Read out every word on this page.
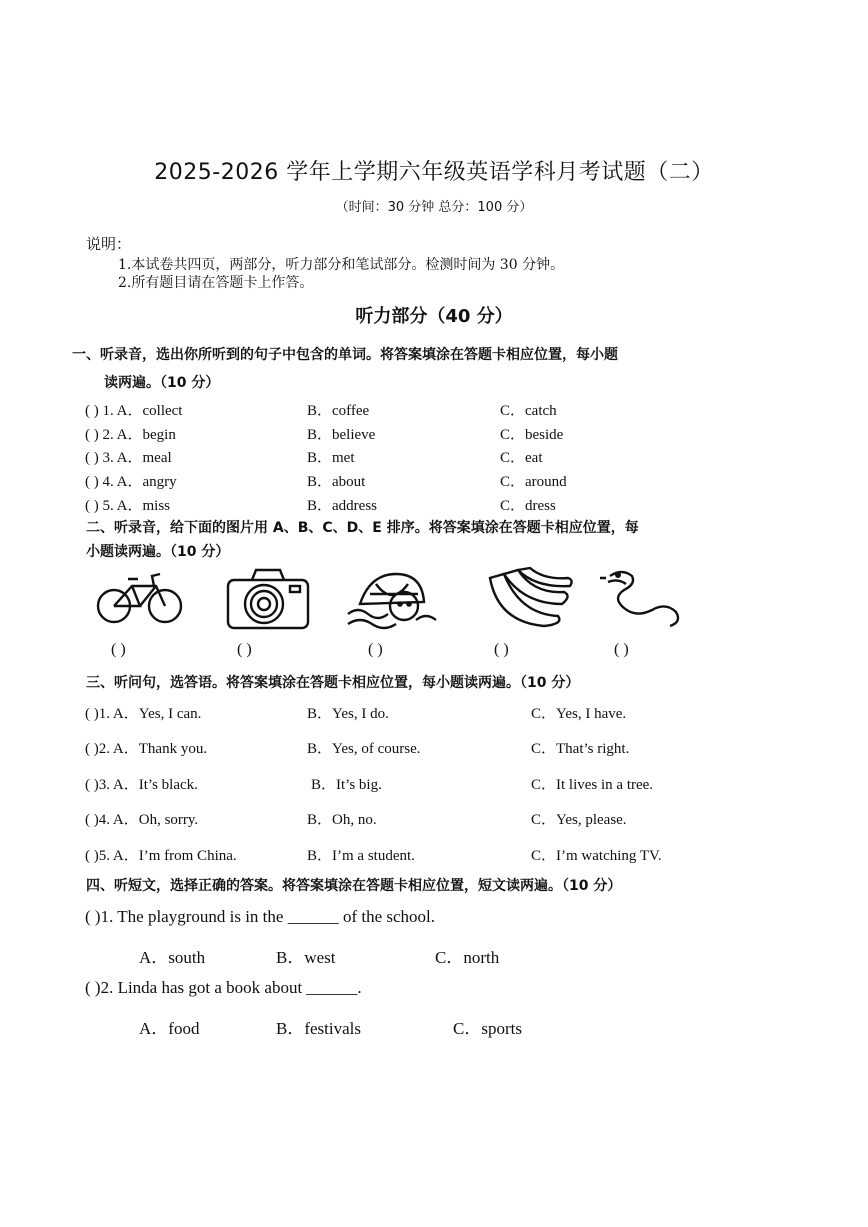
2025-2026 学年上学期六年级英语学科月考试题（二）
（时间：30 分钟 总分：100 分）
说明：
1.本试卷共四页，两部分，听力部分和笔试部分。检测时间为 30 分钟。
2.所有题目请在答题卡上作答。
听力部分（40 分）
一、听录音，选出你所听到的句子中包含的单词。将答案填涂在答题卡相应位置，每小题
读两遍。（10 分）
( ) 1. A．collect	B．coffee	C．catch
( ) 2. A．begin	B．believe	C．beside
( ) 3. A．meal	B．met	C．eat
( ) 4. A．angry	B．about	C．around
( ) 5. A．miss	B．address	C．dress
二、听录音，给下面的图片用 A、B、C、D、E 排序。将答案填涂在答题卡相应位置，每
小题读两遍。（10 分）
( )	( )	( )	( )	( )
三、听问句，选答语。将答案填涂在答题卡相应位置，每小题读两遍。（10 分）
( )1. A．Yes, I can.	B．Yes, I do.	C．Yes, I have.
( )2. A．Thank you.	B．Yes, of course.	C．That’s right.
( )3. A．It’s black.	B．It’s big.	C．It lives in a tree.
( )4. A．Oh, sorry.	B．Oh, no.	C．Yes, please.
( )5. A．I’m from China.	B．I’m a student.	C．I’m watching TV.
四、听短文，选择正确的答案。将答案填涂在答题卡相应位置，短文读两遍。（10 分）
( )1. The playground is in the ______ of the school.
A．south	B．west	C．north
( )2. Linda has got a book about ______.
A．food	B．festivals	C．sports
